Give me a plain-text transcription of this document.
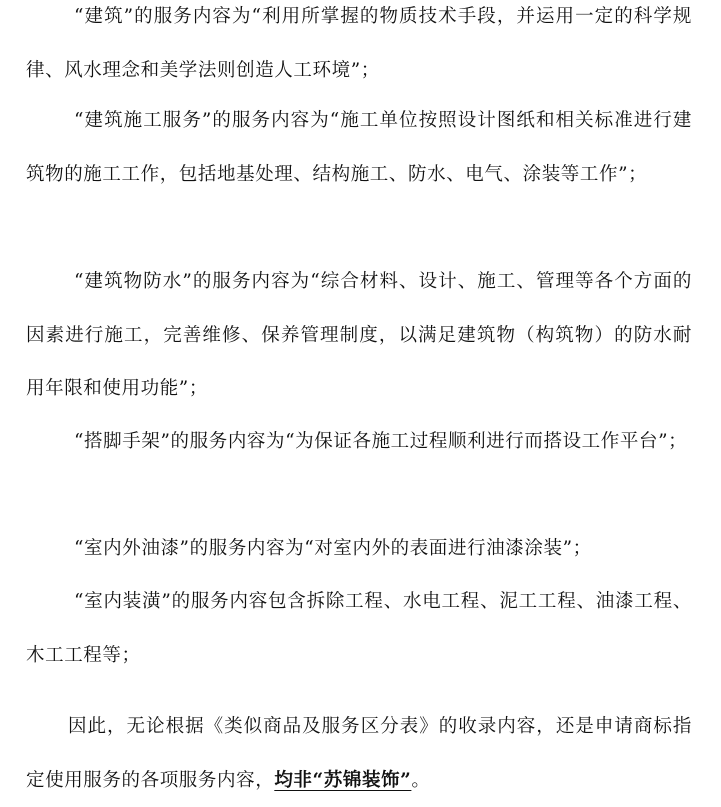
“建筑”的服务内容为“利用所掌握的物质技术手段，并运用一定的科学规律、风水理念和美学法则创造人工环境”；

“建筑施工服务”的服务内容为“施工单位按照设计图纸和相关标准进行建筑物的施工工作，包括地基处理、结构施工、防水、电气、涂装等工作”；

“建筑物防水”的服务内容为“综合材料、设计、施工、管理等各个方面的因素进行施工，完善维修、保养管理制度，以满足建筑物（构筑物）的防水耐用年限和使用功能”；

“搭脚手架”的服务内容为“为保证各施工过程顺利进行而搭设工作平台”；

“室内外油漆”的服务内容为“对室内外的表面进行油漆涂装”；

“室内装潢”的服务内容包含拆除工程、水电工程、泥工工程、油漆工程、木工工程等；

因此，无论根据《类似商品及服务区分表》的收录内容，还是申请商标指定使用服务的各项服务内容，均非“苏锦装饰”。
